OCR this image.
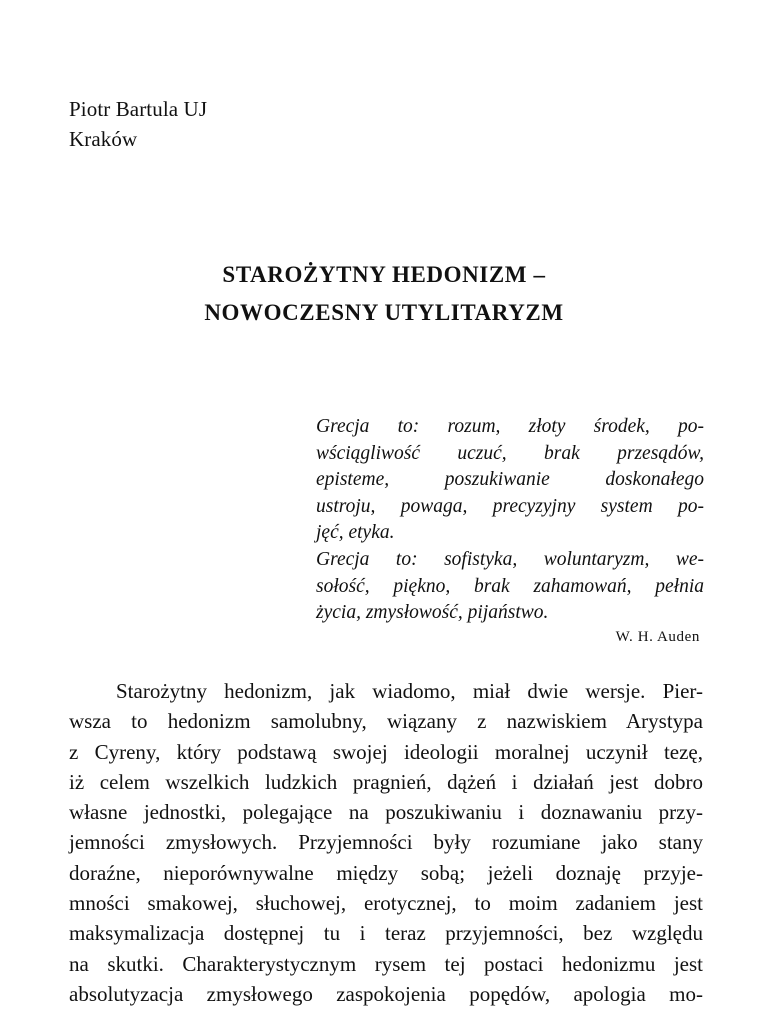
Piotr Bartula UJ
Kraków
STAROŻYTNY HEDONIZM –
NOWOCZESNY UTYLITARYZM
Grecja to: rozum, złoty środek, po-
wściągliwość uczuć, brak przesądów,
episteme, poszukiwanie doskonałego
ustroju, powaga, precyzyjny system po-
jęć, etyka.
Grecja to: sofistyka, woluntaryzm, we-
sołość, piękno, brak zahamowań, pełnia
życia, zmysłowość, pijaństwo.
W. H. Auden
Starożytny hedonizm, jak wiadomo, miał dwie wersje. Pier-
wsza to hedonizm samolubny, wiązany z nazwiskiem Arystypa
z Cyreny, który podstawą swojej ideologii moralnej uczynił tezę,
iż celem wszelkich ludzkich pragnień, dążeń i działań jest dobro
własne jednostki, polegające na poszukiwaniu i doznawaniu przy-
jemności zmysłowych. Przyjemności były rozumiane jako stany
doraźne, nieporównywalne między sobą; jeżeli doznaję przyje-
mności smakowej, słuchowej, erotycznej, to moim zadaniem jest
maksymalizacja dostępnej tu i teraz przyjemności, bez względu
na skutki. Charakterystycznym rysem tej postaci hedonizmu jest
absolutyzacja zmysłowego zaspokojenia popędów, apologia mo-
